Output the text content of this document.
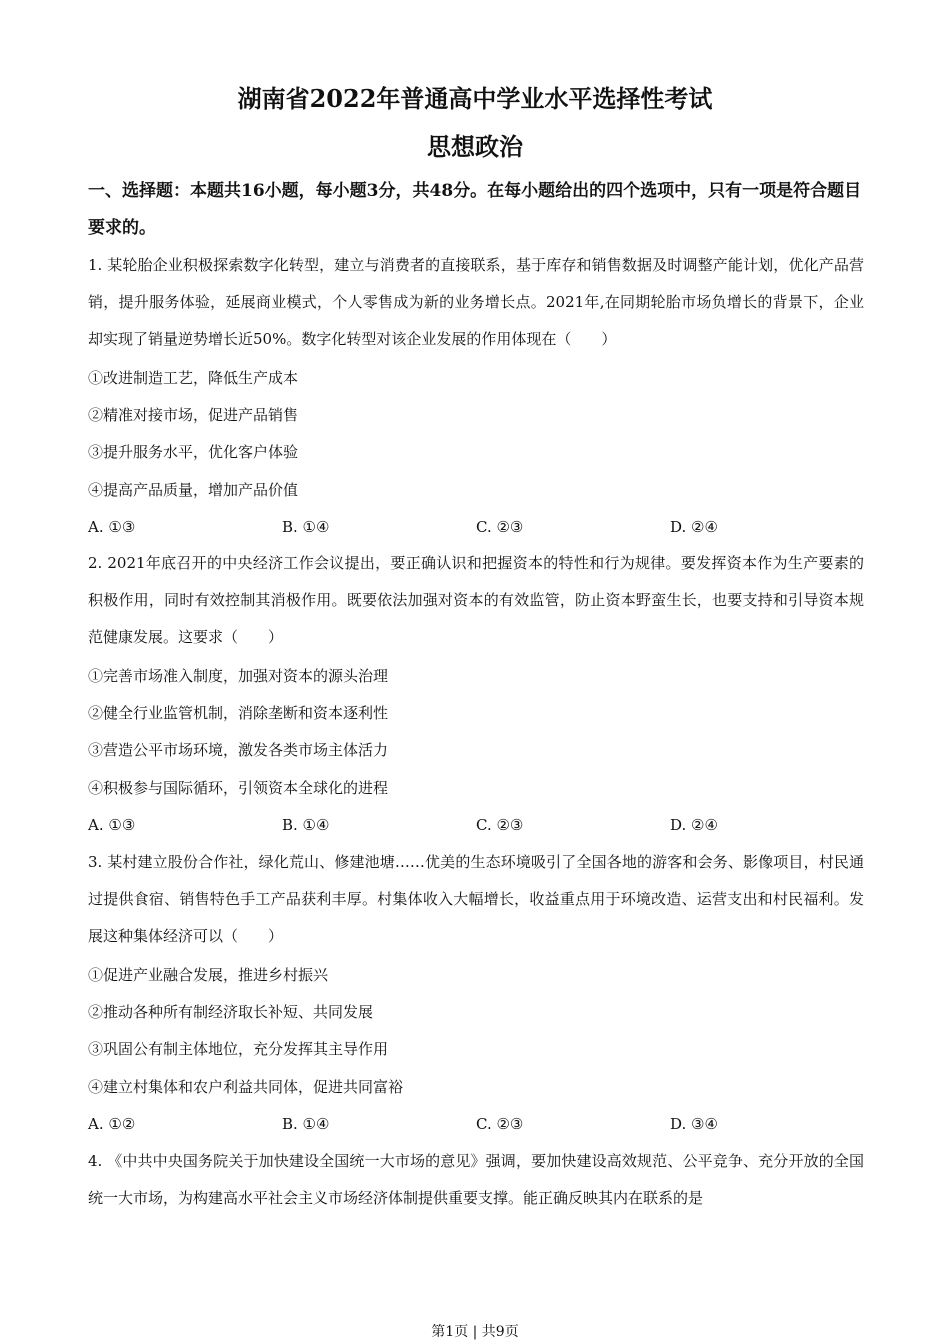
湖南省2022年普通高中学业水平选择性考试
思想政治
一、选择题：本题共16小题，每小题3分，共48分。在每小题给出的四个选项中，只有一项是符合题目要求的。
1. 某轮胎企业积极探索数字化转型，建立与消费者的直接联系，基于库存和销售数据及时调整产能计划，优化产品营销，提升服务体验，延展商业模式，个人零售成为新的业务增长点。2021年,在同期轮胎市场负增长的背景下，企业却实现了销量逆势增长近50%。数字化转型对该企业发展的作用体现在（　　）
①改进制造工艺，降低生产成本
②精准对接市场，促进产品销售
③提升服务水平，优化客户体验
④提高产品质量，增加产品价值
A. ①③	B. ①④	C. ②③	D. ②④
2. 2021年底召开的中央经济工作会议提出，要正确认识和把握资本的特性和行为规律。要发挥资本作为生产要素的积极作用，同时有效控制其消极作用。既要依法加强对资本的有效监管，防止资本野蛮生长，也要支持和引导资本规范健康发展。这要求（　　）
①完善市场准入制度，加强对资本的源头治理
②健全行业监管机制，消除垄断和资本逐利性
③营造公平市场环境，激发各类市场主体活力
④积极参与国际循环，引领资本全球化的进程
A. ①③	B. ①④	C. ②③	D. ②④
3. 某村建立股份合作社，绿化荒山、修建池塘……优美的生态环境吸引了全国各地的游客和会务、影像项目，村民通过提供食宿、销售特色手工产品获利丰厚。村集体收入大幅增长，收益重点用于环境改造、运营支出和村民福利。发展这种集体经济可以（　　）
①促进产业融合发展，推进乡村振兴
②推动各种所有制经济取长补短、共同发展
③巩固公有制主体地位，充分发挥其主导作用
④建立村集体和农户利益共同体，促进共同富裕
A. ①②	B. ①④	C. ②③	D. ③④
4. 《中共中央国务院关于加快建设全国统一大市场的意见》强调，要加快建设高效规范、公平竞争、充分开放的全国统一大市场，为构建高水平社会主义市场经济体制提供重要支撑。能正确反映其内在联系的是
第1页 | 共9页
